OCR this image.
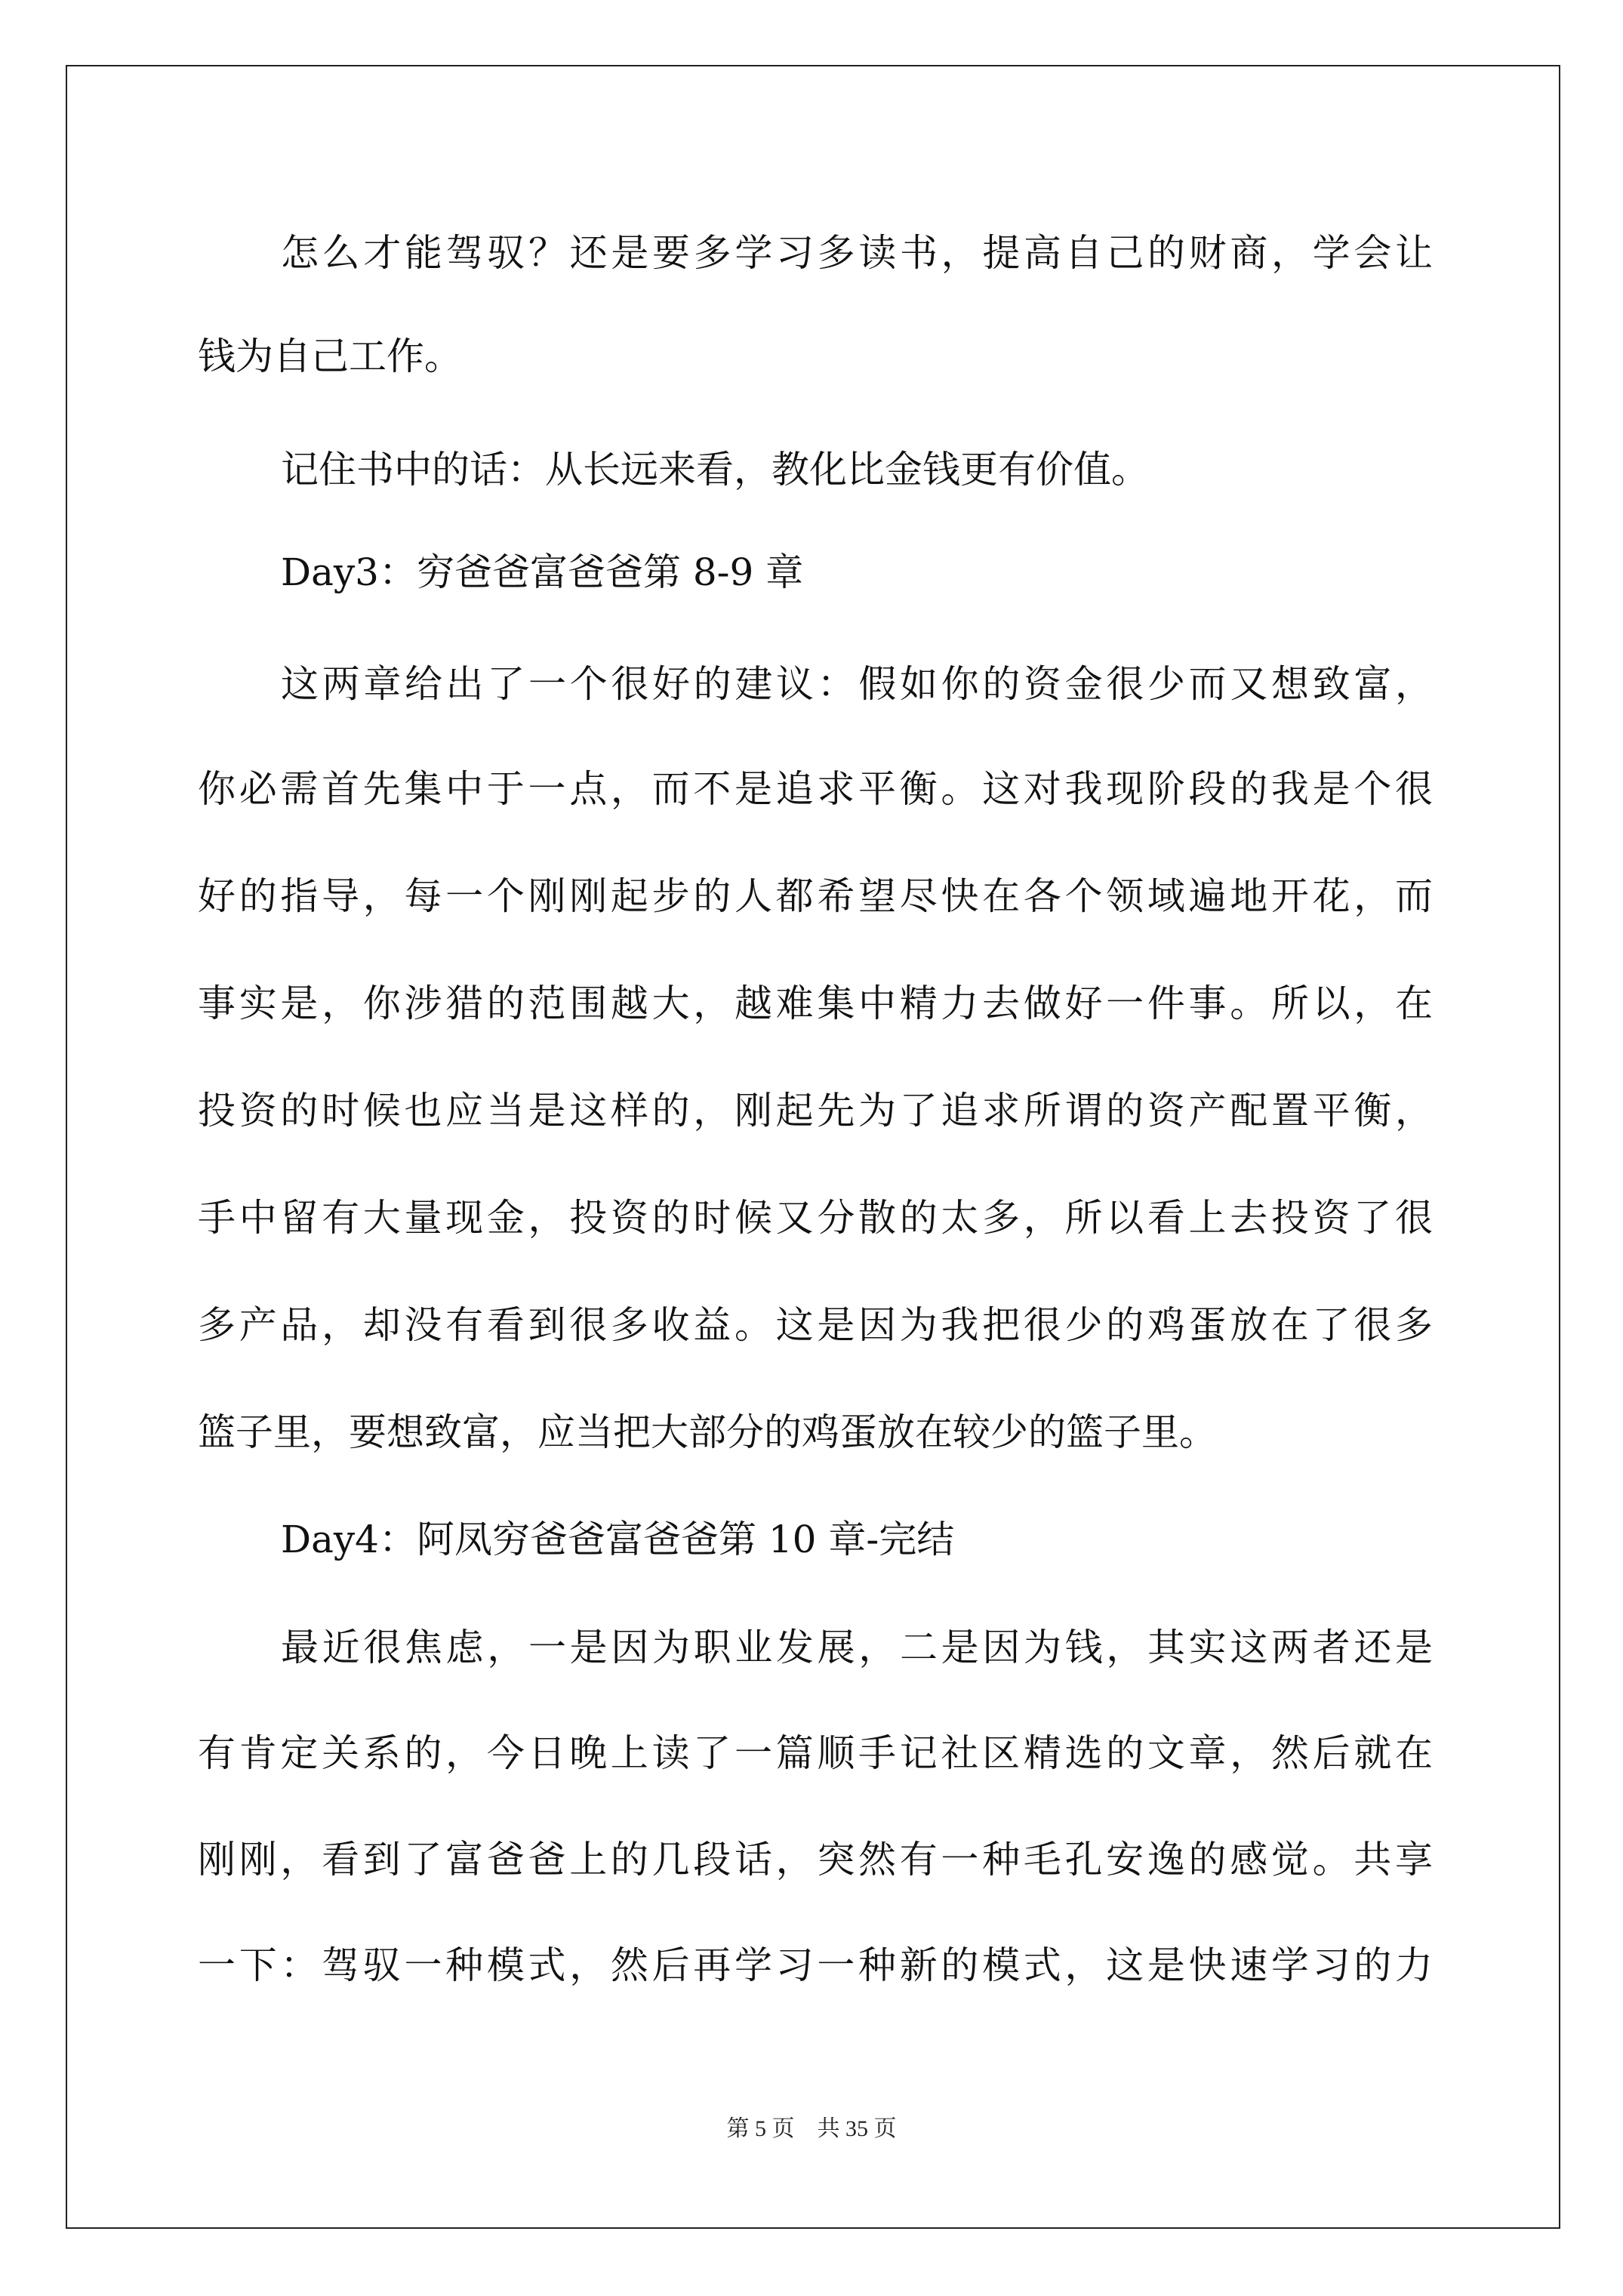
怎么才能驾驭？还是要多学习多读书，提高自己的财商，学会让
钱为自己工作。
记住书中的话：从长远来看，教化比金钱更有价值。
Day3：穷爸爸富爸爸第 8-9 章
这两章给出了一个很好的建议：假如你的资金很少而又想致富，
你必需首先集中于一点，而不是追求平衡。这对我现阶段的我是个很
好的指导，每一个刚刚起步的人都希望尽快在各个领域遍地开花，而
事实是，你涉猎的范围越大，越难集中精力去做好一件事。所以，在
投资的时候也应当是这样的，刚起先为了追求所谓的资产配置平衡，
手中留有大量现金，投资的时候又分散的太多，所以看上去投资了很
多产品，却没有看到很多收益。这是因为我把很少的鸡蛋放在了很多
篮子里，要想致富，应当把大部分的鸡蛋放在较少的篮子里。
Day4：阿凤穷爸爸富爸爸第 10 章-完结
最近很焦虑，一是因为职业发展，二是因为钱，其实这两者还是
有肯定关系的，今日晚上读了一篇顺手记社区精选的文章，然后就在
刚刚，看到了富爸爸上的几段话，突然有一种毛孔安逸的感觉。共享
一下：驾驭一种模式，然后再学习一种新的模式，这是快速学习的力
第 5 页    共 35 页
